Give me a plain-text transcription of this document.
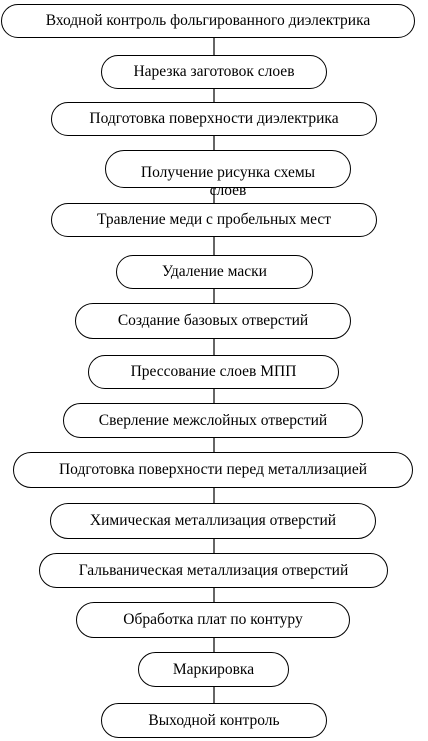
Входной контроль фольгированного диэлектрика
Нарезка заготовок слоев
Подготовка поверхности диэлектрика
Получение рисунка схемы
слоев
Травление меди с пробельных мест
Удаление маски
Создание базовых отверстий
Прессование слоев МПП
Сверление межслойных отверстий
Подготовка поверхности перед металлизацией
Химическая металлизация отверстий
Гальваническая металлизация отверстий
Обработка плат по контуру
Маркировка
Выходной контроль
